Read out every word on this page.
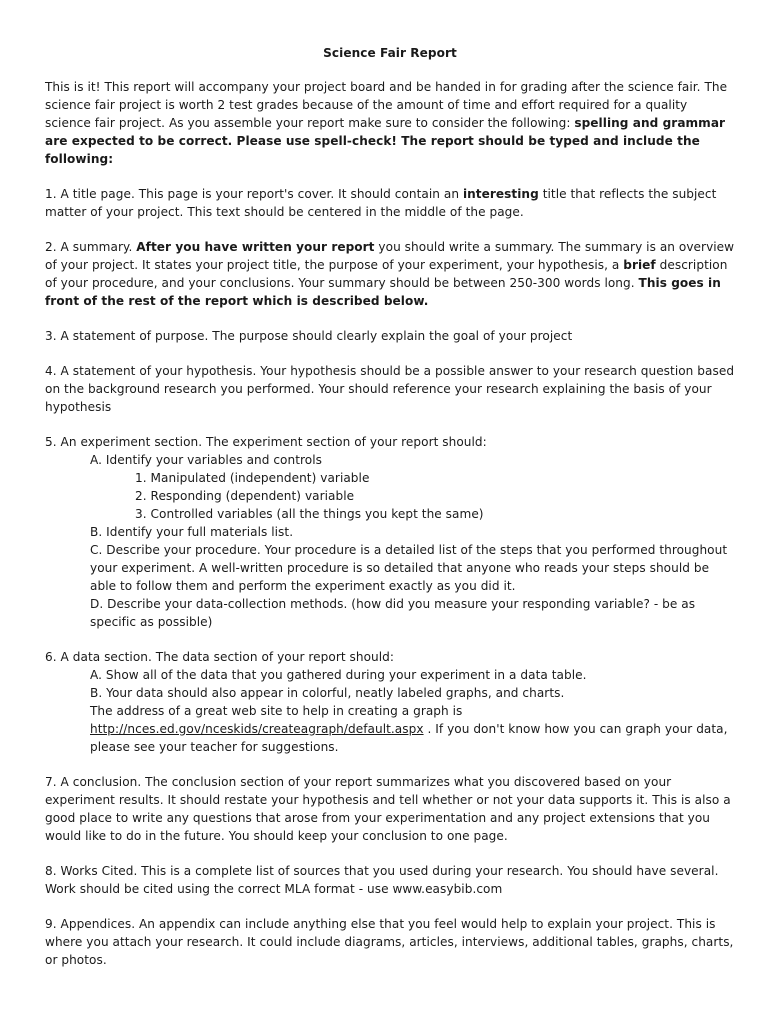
Science Fair Report

This is it! This report will accompany your project board and be handed in for grading after the science fair. The science fair project is worth 2 test grades because of the amount of time and effort required for a quality science fair project. As you assemble your report make sure to consider the following: spelling and grammar are expected to be correct. Please use spell-check! The report should be typed and include the following:

1. A title page. This page is your report's cover. It should contain an interesting title that reflects the subject matter of your project. This text should be centered in the middle of the page.

2. A summary. After you have written your report you should write a summary. The summary is an overview of your project. It states your project title, the purpose of your experiment, your hypothesis, a brief description of your procedure, and your conclusions. Your summary should be between 250-300 words long. This goes in front of the rest of the report which is described below.

3. A statement of purpose. The purpose should clearly explain the goal of your project

4. A statement of your hypothesis. Your hypothesis should be a possible answer to your research question based on the background research you performed. Your should reference your research explaining the basis of your hypothesis

5. An experiment section. The experiment section of your report should:
A. Identify your variables and controls
1. Manipulated (independent) variable
2. Responding (dependent) variable
3. Controlled variables (all the things you kept the same)
B. Identify your full materials list.
C. Describe your procedure. Your procedure is a detailed list of the steps that you performed throughout your experiment. A well-written procedure is so detailed that anyone who reads your steps should be able to follow them and perform the experiment exactly as you did it.
D. Describe your data-collection methods. (how did you measure your responding variable? - be as specific as possible)

6. A data section. The data section of your report should:
A. Show all of the data that you gathered during your experiment in a data table.
B. Your data should also appear in colorful, neatly labeled graphs, and charts.
The address of a great web site to help in creating a graph is
http://nces.ed.gov/nceskids/createagraph/default.aspx . If you don't know how you can graph your data, please see your teacher for suggestions.

7. A conclusion. The conclusion section of your report summarizes what you discovered based on your experiment results. It should restate your hypothesis and tell whether or not your data supports it. This is also a good place to write any questions that arose from your experimentation and any project extensions that you would like to do in the future. You should keep your conclusion to one page.

8. Works Cited. This is a complete list of sources that you used during your research. You should have several. Work should be cited using the correct MLA format - use www.easybib.com

9. Appendices. An appendix can include anything else that you feel would help to explain your project. This is where you attach your research. It could include diagrams, articles, interviews, additional tables, graphs, charts, or photos.
